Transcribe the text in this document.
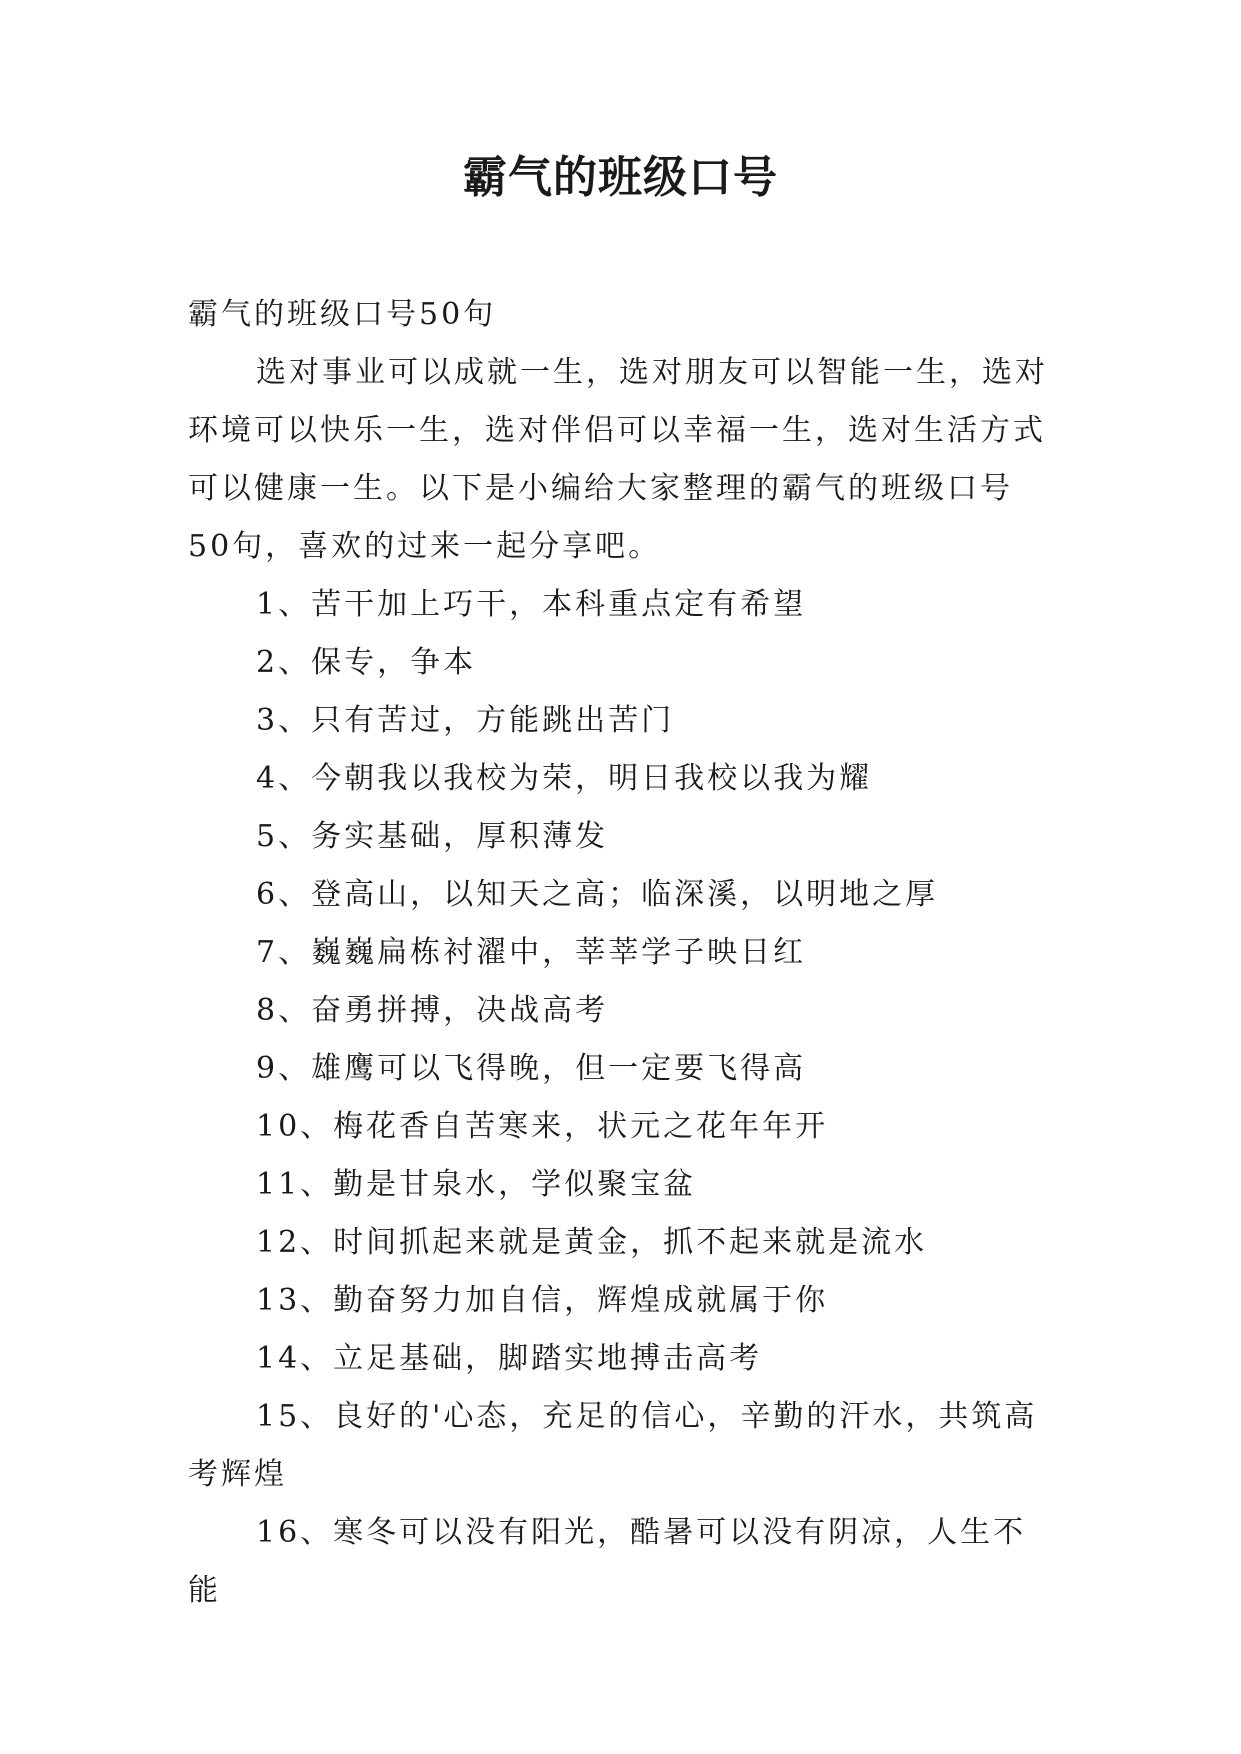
霸气的班级口号

霸气的班级口号50句

选对事业可以成就一生，选对朋友可以智能一生，选对环境可以快乐一生，选对伴侣可以幸福一生，选对生活方式可以健康一生。以下是小编给大家整理的霸气的班级口号50句，喜欢的过来一起分享吧。

1、苦干加上巧干，本科重点定有希望

2、保专，争本

3、只有苦过，方能跳出苦门

4、今朝我以我校为荣，明日我校以我为耀

5、务实基础，厚积薄发

6、登高山，以知天之高；临深溪，以明地之厚

7、巍巍扁栋衬濯中，莘莘学子映日红

8、奋勇拼搏，决战高考

9、雄鹰可以飞得晚，但一定要飞得高

10、梅花香自苦寒来，状元之花年年开

11、勤是甘泉水，学似聚宝盆

12、时间抓起来就是黄金，抓不起来就是流水

13、勤奋努力加自信，辉煌成就属于你

14、立足基础，脚踏实地搏击高考

15、良好的'心态，充足的信心，辛勤的汗水，共筑高考辉煌

16、寒冬可以没有阳光，酷暑可以没有阴凉，人生不能
